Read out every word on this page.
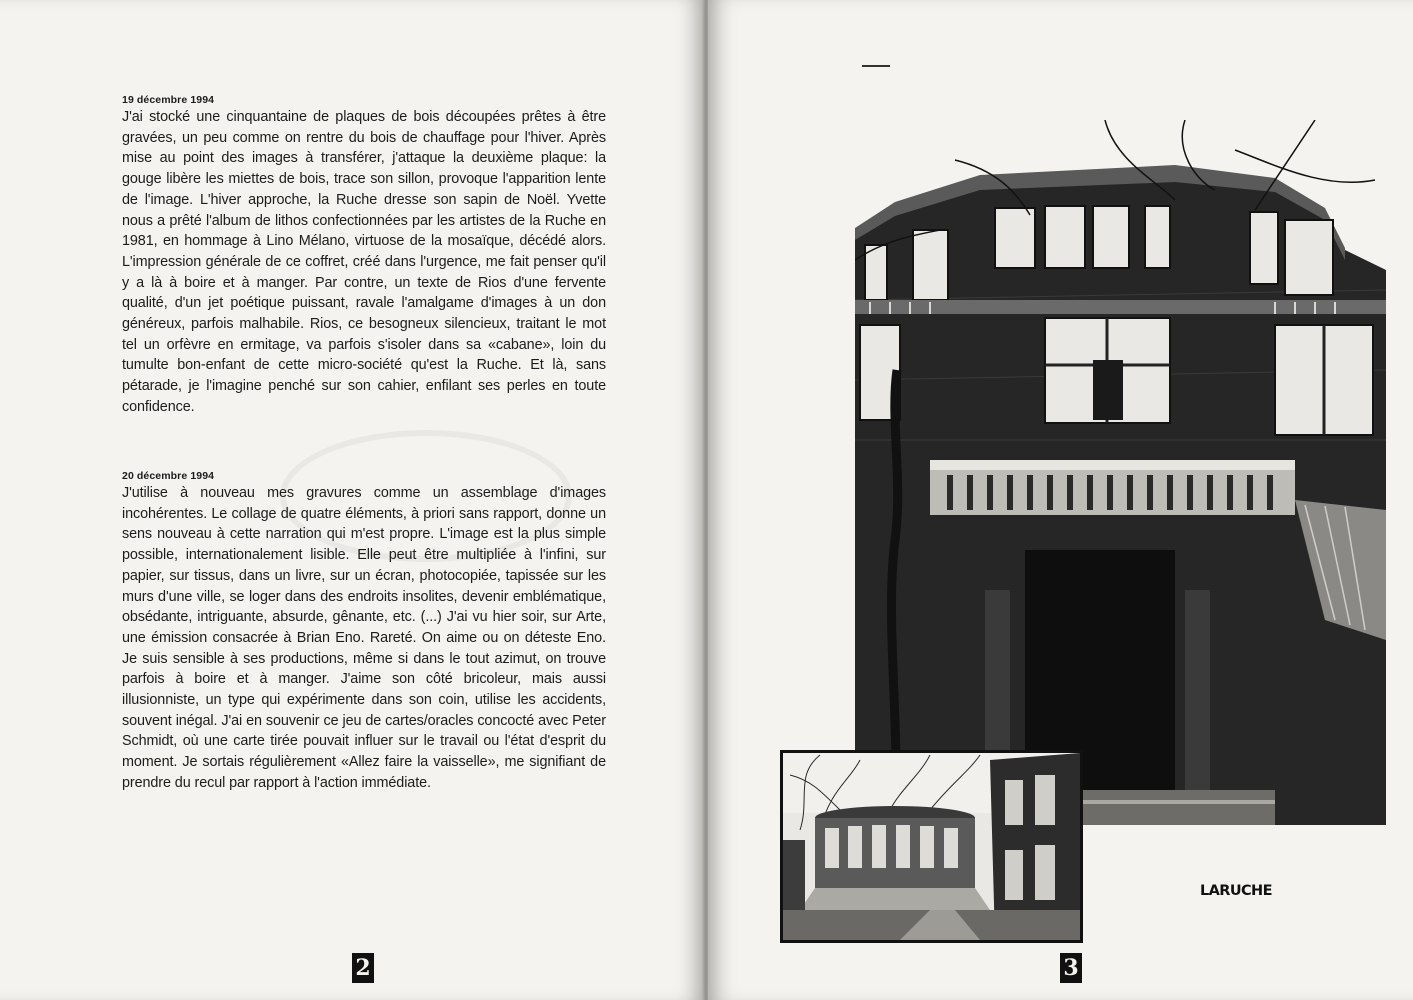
19 décembre 1994

J'ai stocké une cinquantaine de plaques de bois découpées prêtes à être gravées, un peu comme on rentre du bois de chauffage pour l'hiver. Après mise au point des images à transférer, j'attaque la deuxième plaque: la gouge libère les miettes de bois, trace son sillon, provoque l'apparition lente de l'image. L'hiver approche, la Ruche dresse son sapin de Noël. Yvette nous a prêté l'album de lithos confectionnées par les artistes de la Ruche en 1981, en hommage à Lino Mélano, virtuose de la mosaïque, décédé alors. L'impression générale de ce coffret, créé dans l'urgence, me fait penser qu'il y a là à boire et à manger. Par contre, un texte de Rios d'une fervente qualité, d'un jet poétique puissant, ravale l'amalgame d'images à un don généreux, parfois malhabile. Rios, ce besogneux silencieux, traitant le mot tel un orfèvre en ermitage, va parfois s'isoler dans sa «cabane», loin du tumulte bon-enfant de cette micro-société qu'est la Ruche. Et là, sans pétarade, je l'imagine penché sur son cahier, enfilant ses perles en toute confidence.

20 décembre 1994

J'utilise à nouveau mes gravures comme un assemblage d'images incohérentes. Le collage de quatre éléments, à priori sans rapport, donne un sens nouveau à cette narration qui m'est propre. L'image est la plus simple possible, internationalement lisible. Elle peut être multipliée à l'infini, sur papier, sur tissus, dans un livre, sur un écran, photocopiée, tapissée sur les murs d'une ville, se loger dans des endroits insolites, devenir emblématique, obsédante, intriguante, absurde, gênante, etc. (...) J'ai vu hier soir, sur Arte, une émission consacrée à Brian Eno. Rareté. On aime ou on déteste Eno. Je suis sensible à ses productions, même si dans le tout azimut, on trouve parfois à boire et à manger. J'aime son côté bricoleur, mais aussi illusionniste, un type qui expérimente dans son coin, utilise les accidents, souvent inégal. J'ai en souvenir ce jeu de cartes/oracles concocté avec Peter Schmidt, où une carte tirée pouvait influer sur le travail ou l'état d'esprit du moment. Je sortais régulièrement «Allez faire la vaisselle», me signifiant de prendre du recul par rapport à l'action immédiate.

2
LARUCHE
3
